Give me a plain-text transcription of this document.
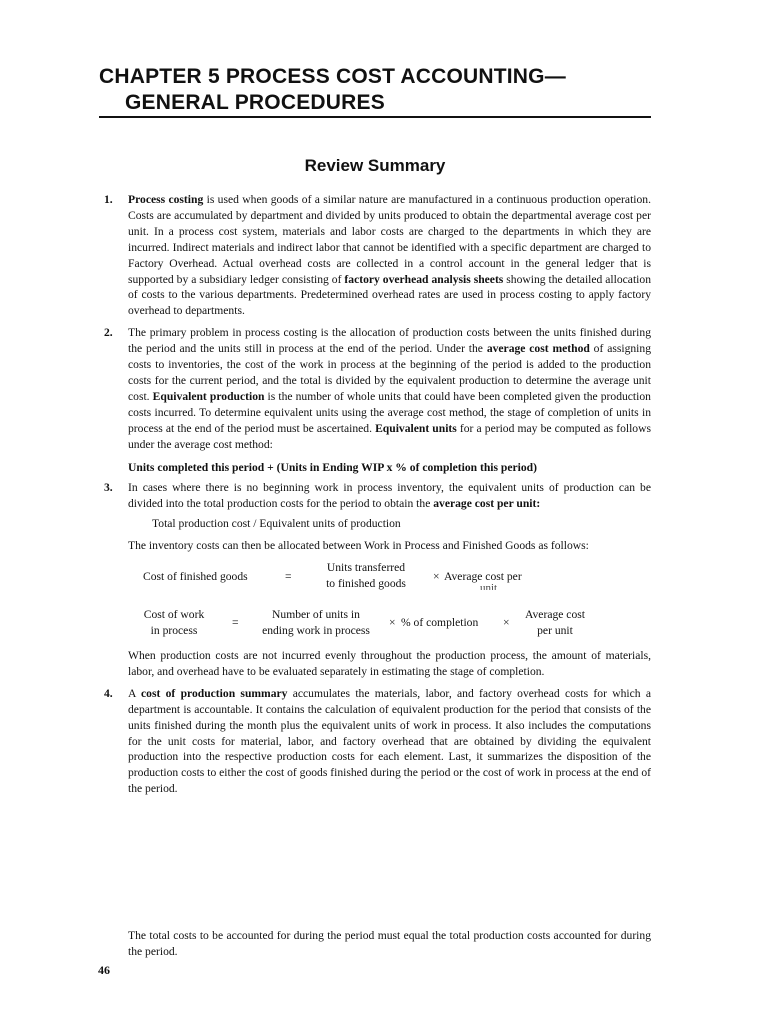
CHAPTER 5 PROCESS COST ACCOUNTING—
GENERAL PROCEDURES
Review Summary
1. Process costing is used when goods of a similar nature are manufactured in a continuous production operation. Costs are accumulated by department and divided by units produced to obtain the departmental average cost per unit. In a process cost system, materials and labor costs are charged to the departments in which they are incurred. Indirect materials and indirect labor that cannot be identified with a specific department are charged to Factory Overhead. Actual overhead costs are collected in a control account in the general ledger that is supported by a subsidiary ledger consisting of factory overhead analysis sheets showing the detailed allocation of costs to the various departments. Predetermined overhead rates are used in process costing to apply factory overhead to departments.

2. The primary problem in process costing is the allocation of production costs between the units finished during the period and the units still in process at the end of the period. Under the average cost method of assigning costs to inventories, the cost of the work in process at the beginning of the period is added to the production costs for the current period, and the total is divided by the equivalent production to determine the average unit cost. Equivalent production is the number of whole units that could have been completed given the production costs incurred. To determine equivalent units using the average cost method, the stage of completion of units in process at the end of the period must be ascertained. Equivalent units for a period may be computed as follows under the average cost method:

Units completed this period + (Units in Ending WIP x % of completion this period)

3. In cases where there is no beginning work in process inventory, the equivalent units of production can be divided into the total production costs for the period to obtain the average cost per unit:

Total production cost / Equivalent units of production

The inventory costs can then be allocated between Work in Process and Finished Goods as follows:

Cost of finished goods	=
Units transferred
to finished goods
× Average cost per
unit
Cost of work
in process
=
Number of units in
ending work in process
× % of completion ×
Average cost
per unit

When production costs are not incurred evenly throughout the production process, the amount of materials, labor, and overhead have to be evaluated separately in estimating the stage of completion.

4. A cost of production summary accumulates the materials, labor, and factory overhead costs for which a department is accountable. It contains the calculation of equivalent production for the period that consists of the units finished during the month plus the equivalent units of work in process. It also includes the computations for the unit costs for material, labor, and factory overhead that are obtained by dividing the equivalent production into the respective production costs for each element. Last, it summarizes the disposition of the production costs to either the cost of goods finished during the period or the cost of work in process at the end of the period.

The total costs to be accounted for during the period must equal the total production costs accounted for during the period.

46
